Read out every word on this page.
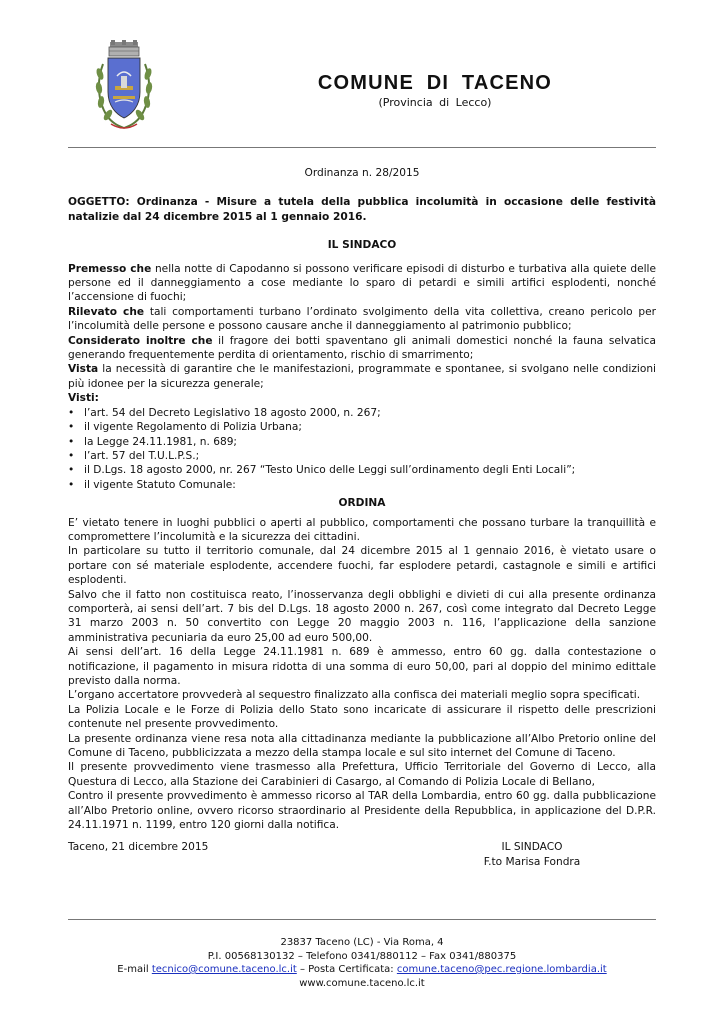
COMUNE DI TACENO
(Provincia di Lecco)
Ordinanza n. 28/2015
OGGETTO: Ordinanza - Misure a tutela della pubblica incolumità in occasione delle festività natalizie dal 24 dicembre 2015 al 1 gennaio 2016.
IL SINDACO

Premesso che nella notte di Capodanno si possono verificare episodi di disturbo e turbativa alla quiete delle persone ed il danneggiamento a cose mediante lo sparo di petardi e simili artifici esplodenti, nonché l’accensione di fuochi;

Rilevato che tali comportamenti turbano l’ordinato svolgimento della vita collettiva, creano pericolo per l’incolumità delle persone e possono causare anche il danneggiamento al patrimonio pubblico;

Considerato inoltre che il fragore dei botti spaventano gli animali domestici nonché la fauna selvatica generando frequentemente perdita di orientamento, rischio di smarrimento;

Vista la necessità di garantire che le manifestazioni, programmate e spontanee, si svolgano nelle condizioni più idonee per la sicurezza generale;

Visti:
• l’art. 54 del Decreto Legislativo 18 agosto 2000, n. 267;
• il vigente Regolamento di Polizia Urbana;
• la Legge 24.11.1981, n. 689;
• l’art. 57 del T.U.L.P.S.;
• il D.Lgs. 18 agosto 2000, nr. 267 “Testo Unico delle Leggi sull’ordinamento degli Enti Locali”;
• il vigente Statuto Comunale:
ORDINA

E’ vietato tenere in luoghi pubblici o aperti al pubblico, comportamenti che possano turbare la tranquillità e compromettere l’incolumità e la sicurezza dei cittadini.

In particolare su tutto il territorio comunale, dal 24 dicembre 2015 al 1 gennaio 2016, è vietato usare o portare con sé materiale esplodente, accendere fuochi, far esplodere petardi, castagnole e simili e artifici esplodenti.

Salvo che il fatto non costituisca reato, l’inosservanza degli obblighi e divieti di cui alla presente ordinanza comporterà, ai sensi dell’art. 7 bis del D.Lgs. 18 agosto 2000 n. 267, così come integrato dal Decreto Legge 31 marzo 2003 n. 50 convertito con Legge 20 maggio 2003 n. 116, l’applicazione della sanzione amministrativa pecuniaria da euro 25,00 ad euro 500,00.

Ai sensi dell’art. 16 della Legge 24.11.1981 n. 689 è ammesso, entro 60 gg. dalla contestazione o notificazione, il pagamento in misura ridotta di una somma di euro 50,00, pari al doppio del minimo edittale previsto dalla norma.

L’organo accertatore provvederà al sequestro finalizzato alla confisca dei materiali meglio sopra specificati.

La Polizia Locale e le Forze di Polizia dello Stato sono incaricate di assicurare il rispetto delle prescrizioni contenute nel presente provvedimento.

La presente ordinanza viene resa nota alla cittadinanza mediante la pubblicazione all’Albo Pretorio online del Comune di Taceno, pubblicizzata a mezzo della stampa locale e sul sito internet del Comune di Taceno.

Il presente provvedimento viene trasmesso alla Prefettura, Ufficio Territoriale del Governo di Lecco, alla Questura di Lecco, alla Stazione dei Carabinieri di Casargo, al Comando di Polizia Locale di Bellano,

Contro il presente provvedimento è ammesso ricorso al TAR della Lombardia, entro 60 gg. dalla pubblicazione all’Albo Pretorio online, ovvero ricorso straordinario al Presidente della Repubblica, in applicazione del D.P.R. 24.11.1971 n. 1199, entro 120 giorni dalla notifica.

Taceno, 21 dicembre 2015	IL SINDACO
F.to Marisa Fondra
23837 Taceno (LC) - Via Roma, 4
P.I. 00568130132 – Telefono 0341/880112 – Fax 0341/880375
E-mail tecnico@comune.taceno.lc.it – Posta Certificata: comune.taceno@pec.regione.lombardia.it
www.comune.taceno.lc.it
